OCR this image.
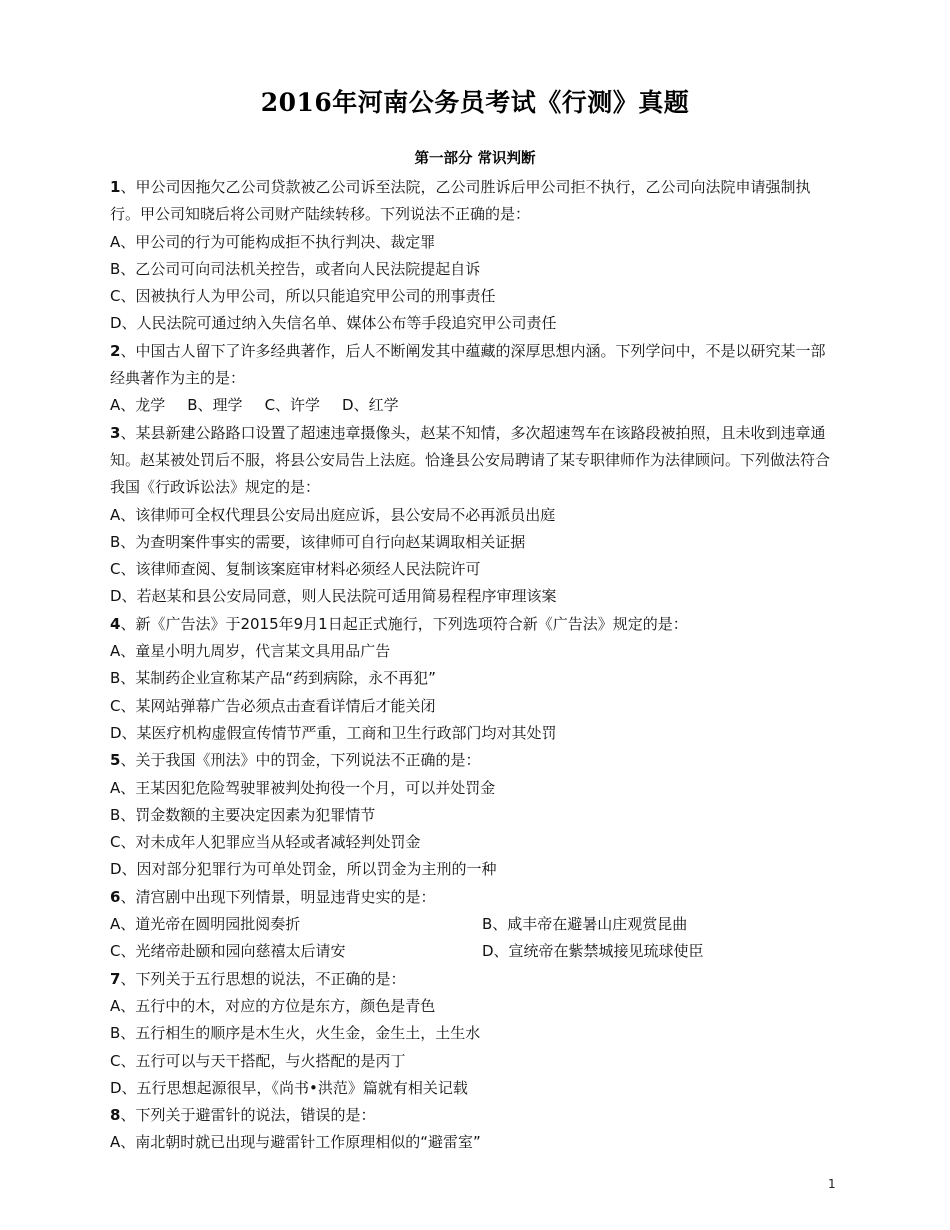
2016年河南公务员考试《行测》真题
第一部分 常识判断

1、甲公司因拖欠乙公司贷款被乙公司诉至法院，乙公司胜诉后甲公司拒不执行，乙公司向法院申请强制执行。甲公司知晓后将公司财产陆续转移。下列说法不正确的是：

A、甲公司的行为可能构成拒不执行判决、裁定罪

B、乙公司可向司法机关控告，或者向人民法院提起自诉

C、因被执行人为甲公司，所以只能追究甲公司的刑事责任

D、人民法院可通过纳入失信名单、媒体公布等手段追究甲公司责任

2、中国古人留下了许多经典著作，后人不断阐发其中蕴藏的深厚思想内涵。下列学问中，不是以研究某一部经典著作为主的是：

A、龙学 B、理学 C、许学 D、红学

3、某县新建公路路口设置了超速违章摄像头，赵某不知情，多次超速驾车在该路段被拍照，且未收到违章通知。赵某被处罚后不服，将县公安局告上法庭。恰逢县公安局聘请了某专职律师作为法律顾问。下列做法符合我国《行政诉讼法》规定的是：

A、该律师可全权代理县公安局出庭应诉，县公安局不必再派员出庭

B、为查明案件事实的需要，该律师可自行向赵某调取相关证据

C、该律师查阅、复制该案庭审材料必须经人民法院许可

D、若赵某和县公安局同意，则人民法院可适用简易程程序审理该案

4、新《广告法》于2015年9月1日起正式施行，下列选项符合新《广告法》规定的是：

A、童星小明九周岁，代言某文具用品广告

B、某制药企业宣称某产品“药到病除，永不再犯”

C、某网站弹幕广告必须点击查看详情后才能关闭

D、某医疗机构虚假宣传情节严重，工商和卫生行政部门均对其处罚

5、关于我国《刑法》中的罚金，下列说法不正确的是：

A、王某因犯危险驾驶罪被判处拘役一个月，可以并处罚金

B、罚金数额的主要决定因素为犯罪情节

C、对未成年人犯罪应当从轻或者减轻判处罚金

D、因对部分犯罪行为可单处罚金，所以罚金为主刑的一种

6、清宫剧中出现下列情景，明显违背史实的是：

A、道光帝在圆明园批阅奏折	B、咸丰帝在避暑山庄观赏昆曲
C、光绪帝赴颐和园向慈禧太后请安	D、宣统帝在紫禁城接见琉球使臣

7、下列关于五行思想的说法，不正确的是：

A、五行中的木，对应的方位是东方，颜色是青色

B、五行相生的顺序是木生火，火生金，金生土，土生水

C、五行可以与天干搭配，与火搭配的是丙丁

D、五行思想起源很早，《尚书•洪范》篇就有相关记载

8、下列关于避雷针的说法，错误的是：

A、南北朝时就已出现与避雷针工作原理相似的“避雷室”

1
